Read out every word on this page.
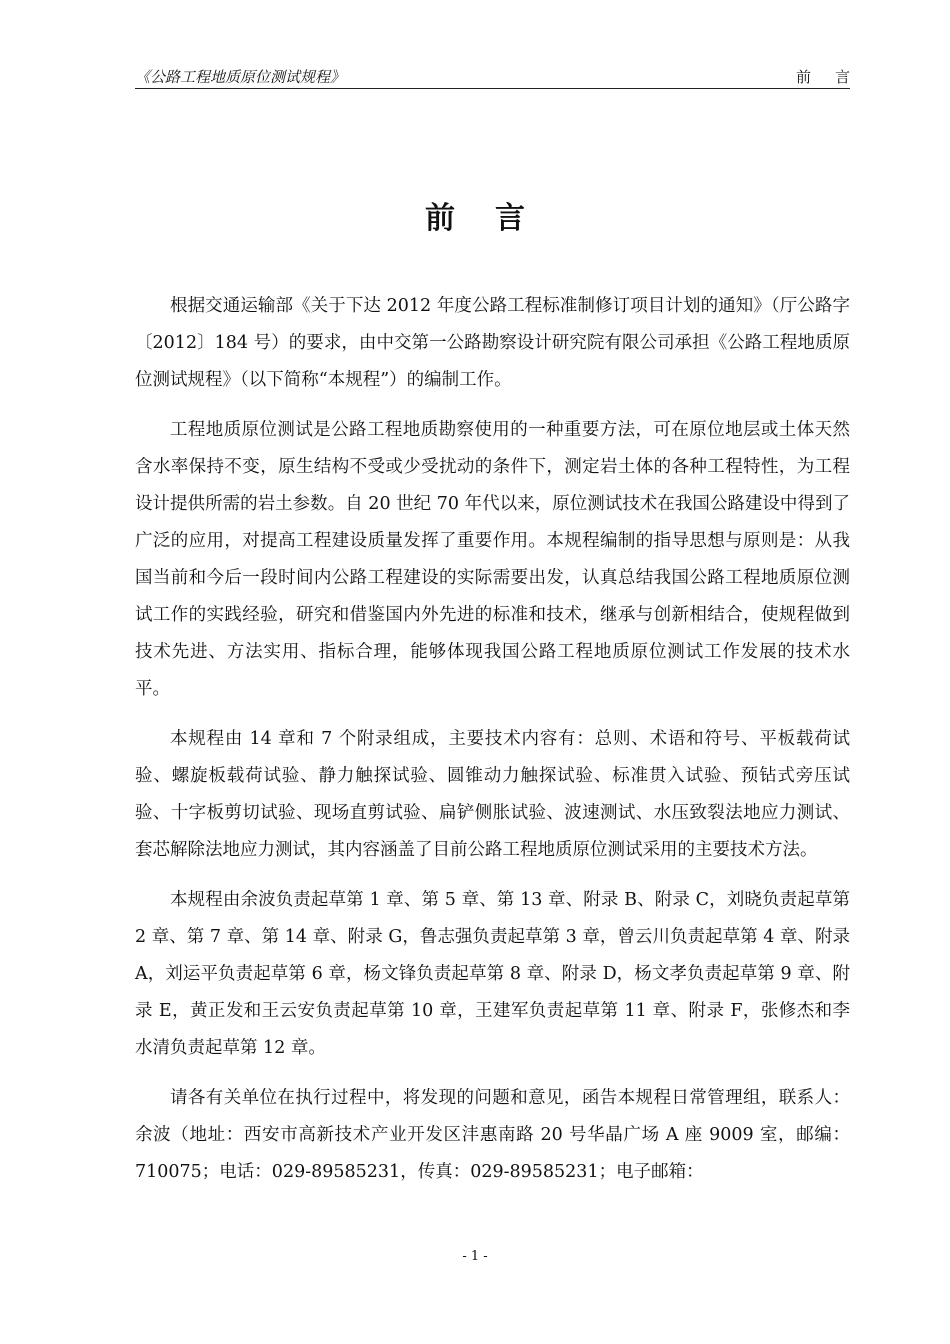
《公路工程地质原位测试规程》	前言
前言

根据交通运输部《关于下达 2012 年度公路工程标准制修订项目计划的通知》（厅公路字〔2012〕184 号）的要求，由中交第一公路勘察设计研究院有限公司承担《公路工程地质原位测试规程》（以下简称“本规程”）的编制工作。

工程地质原位测试是公路工程地质勘察使用的一种重要方法，可在原位地层或土体天然含水率保持不变，原生结构不受或少受扰动的条件下，测定岩土体的各种工程特性，为工程设计提供所需的岩土参数。自 20 世纪 70 年代以来，原位测试技术在我国公路建设中得到了广泛的应用，对提高工程建设质量发挥了重要作用。本规程编制的指导思想与原则是：从我国当前和今后一段时间内公路工程建设的实际需要出发，认真总结我国公路工程地质原位测试工作的实践经验，研究和借鉴国内外先进的标准和技术，继承与创新相结合，使规程做到技术先进、方法实用、指标合理，能够体现我国公路工程地质原位测试工作发展的技术水平。

本规程由 14 章和 7 个附录组成，主要技术内容有：总则、术语和符号、平板载荷试验、螺旋板载荷试验、静力触探试验、圆锥动力触探试验、标准贯入试验、预钻式旁压试验、十字板剪切试验、现场直剪试验、扁铲侧胀试验、波速测试、水压致裂法地应力测试、套芯解除法地应力测试，其内容涵盖了目前公路工程地质原位测试采用的主要技术方法。

本规程由余波负责起草第 1 章、第 5 章、第 13 章、附录 B、附录 C，刘晓负责起草第 2 章、第 7 章、第 14 章、附录 G，鲁志强负责起草第 3 章，曾云川负责起草第 4 章、附录 A，刘运平负责起草第 6 章，杨文锋负责起草第 8 章、附录 D，杨文孝负责起草第 9 章、附录 E，黄正发和王云安负责起草第 10 章，王建军负责起草第 11 章、附录 F，张修杰和李水清负责起草第 12 章。

请各有关单位在执行过程中，将发现的问题和意见，函告本规程日常管理组，联系人：余波（地址：西安市高新技术产业开发区沣惠南路 20 号华晶广场 A 座 9009 室，邮编：710075；电话：029-89585231，传真：029-89585231；电子邮箱：

- 1 -
